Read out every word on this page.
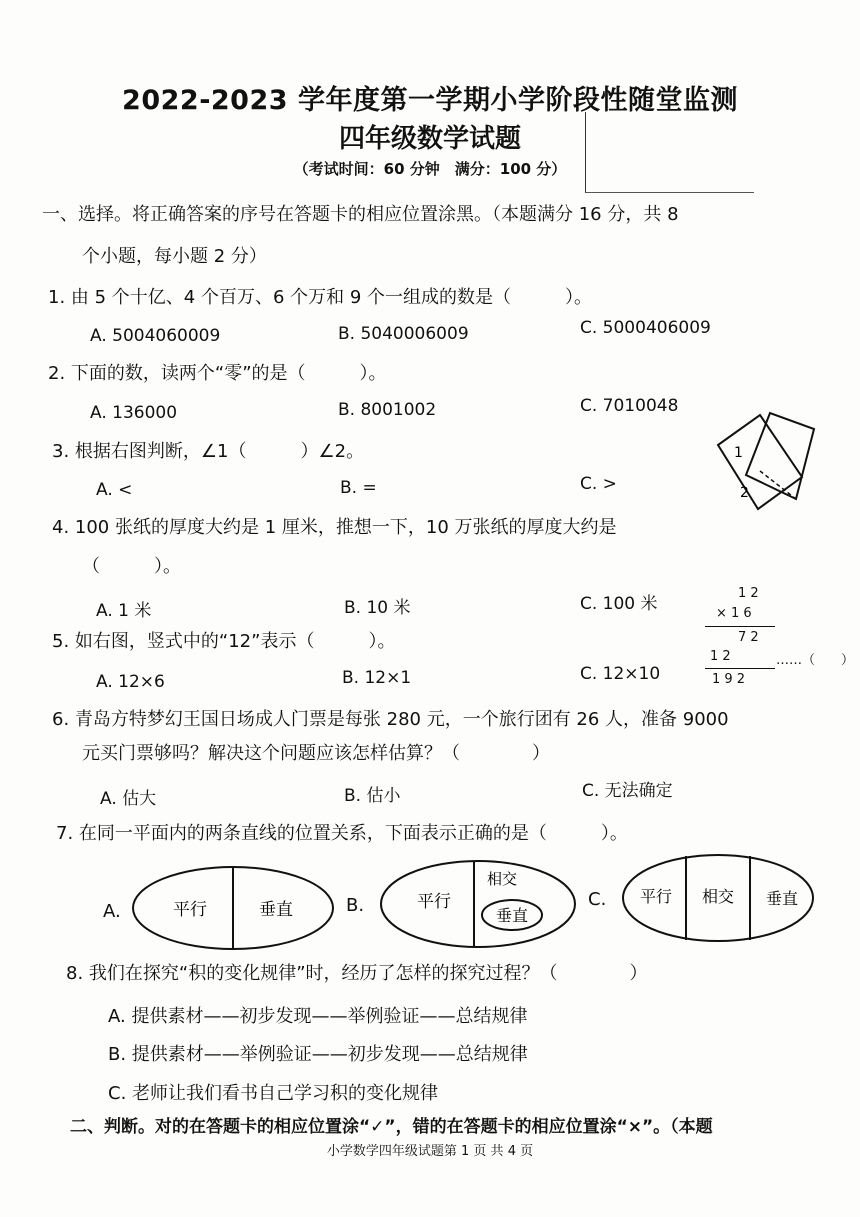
2022-2023 学年度第一学期小学阶段性随堂监测
四年级数学试题
（考试时间：60 分钟　满分：100 分）
一、选择。将正确答案的序号在答题卡的相应位置涂黑。（本题满分 16 分，共 8
个小题，每小题 2 分）
1. 由 5 个十亿、4 个百万、6 个万和 9 个一组成的数是（　　　）。
A. 5004060009	B. 5040006009	C. 5000406009
2. 下面的数，读两个“零”的是（　　　）。
A. 136000	B. 8001002	C. 7010048
3. 根据右图判断，∠1（　　　）∠2。
A. <	B. =	C. >
1
2
4. 100 张纸的厚度大约是 1 厘米，推想一下，10 万张纸的厚度大约是
（　　　）。
A. 1 米	B. 10 米	C. 100 米
1 2
× 1 6
7 2
1 2	……（　　）
1 9 2
5. 如右图，竖式中的“12”表示（　　　）。
A. 12×6	B. 12×1	C. 12×10
6. 青岛方特梦幻王国日场成人门票是每张 280 元，一个旅行团有 26 人，准备 9000
元买门票够吗？解决这个问题应该怎样估算？（　　　　）
A. 估大	B. 估小	C. 无法确定
7. 在同一平面内的两条直线的位置关系，下面表示正确的是（　　　）。
A.	平行	垂直	B.	平行
相交
垂直
C. 平行 相交 垂直
8. 我们在探究“积的变化规律”时，经历了怎样的探究过程？（　　　　）
A. 提供素材——初步发现——举例验证——总结规律
B. 提供素材——举例验证——初步发现——总结规律
C. 老师让我们看书自己学习积的变化规律
二、判断。对的在答题卡的相应位置涂“✓”，错的在答题卡的相应位置涂“×”。（本题
小学数学四年级试题第 1 页 共 4 页
